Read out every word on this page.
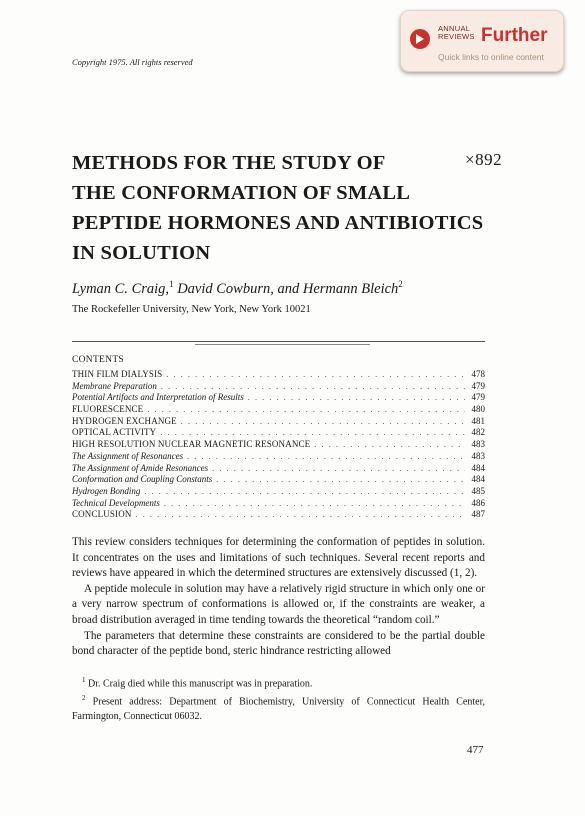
ANNUAL
REVIEWS Further
Quick links to online content
Copyright 1975. All rights reserved
METHODS FOR THE STUDY OF
THE CONFORMATION OF SMALL
PEPTIDE HORMONES AND ANTIBIOTICS
IN SOLUTION
×892
Lyman C. Craig,$^1$ David Cowburn, and Hermann Bleich$^2$
The Rockefeller University, New York, New York 10021
CONTENTS
THIN FILM DIALYSIS . . .	478
Membrane Preparation . . .	479
Potential Artifacts and Interpretation of Results . . .	479
FLUORESCENCE . . .	480
HYDROGEN EXCHANGE . . .	481
OPTICAL ACTIVITY . . .	482
HIGH RESOLUTION NUCLEAR MAGNETIC RESONANCE . . .	483
The Assignment of Resonances . . .	483
The Assignment of Amide Resonances . . .	484
Conformation and Coupling Constants . . .	484
Hydrogen Bonding . . .	485
Technical Developments . . .	486
CONCLUSION . . .	487

This review considers techniques for determining the conformation of peptides in solution. It concentrates on the uses and limitations of such techniques. Several recent reports and reviews have appeared in which the determined structures are extensively discussed (1, 2).

A peptide molecule in solution may have a relatively rigid structure in which only one or a very narrow spectrum of conformations is allowed or, if the constraints are weaker, a broad distribution averaged in time tending towards the theoretical “random coil.”

The parameters that determine these constraints are considered to be the partial double bond character of the peptide bond, steric hindrance restricting allowed

$^1$ Dr. Craig died while this manuscript was in preparation.

$^2$ Present address: Department of Biochemistry, University of Connecticut Health Center, Farmington, Connecticut 06032.

477
